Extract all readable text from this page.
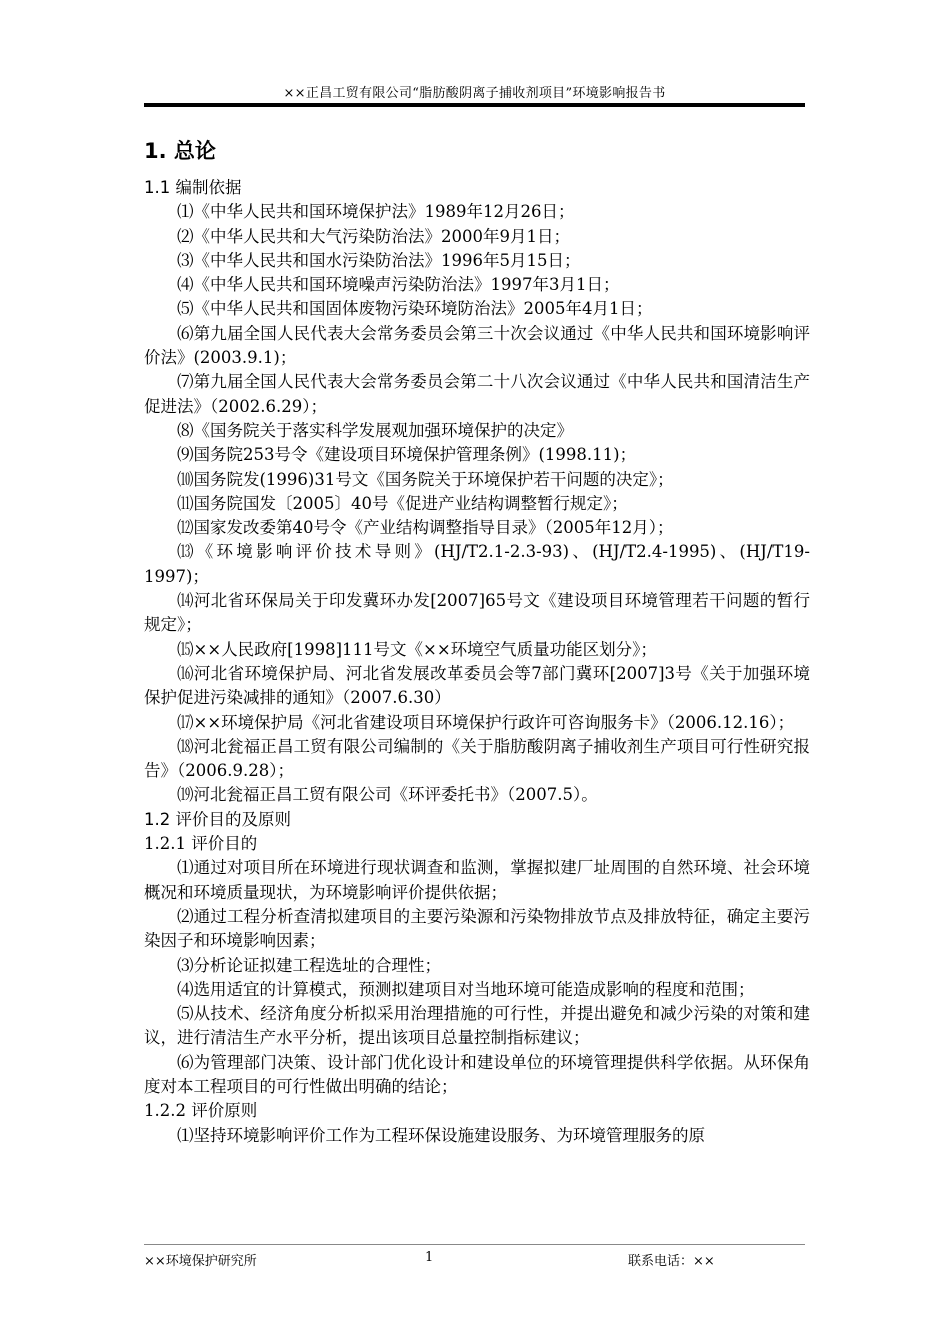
××正昌工贸有限公司“脂肪酸阴离子捕收剂项目”环境影响报告书
1. 总论
1.1 编制依据

⑴《中华人民共和国环境保护法》1989年12月26日；

⑵《中华人民共和大气污染防治法》2000年9月1日；

⑶《中华人民共和国水污染防治法》1996年5月15日；

⑷《中华人民共和国环境噪声污染防治法》1997年3月1日；

⑸《中华人民共和国固体废物污染环境防治法》2005年4月1日；

⑹第九届全国人民代表大会常务委员会第三十次会议通过《中华人民共和国环境影响评价法》(2003.9.1)；

⑺第九届全国人民代表大会常务委员会第二十八次会议通过《中华人民共和国清洁生产促进法》（2002.6.29）；

⑻《国务院关于落实科学发展观加强环境保护的决定》

⑼国务院253号令《建设项目环境保护管理条例》(1998.11)；

⑽国务院发(1996)31号文《国务院关于环境保护若干问题的决定》；

⑾国务院国发〔2005〕40号《促进产业结构调整暂行规定》；

⑿国家发改委第40号令《产业结构调整指导目录》（2005年12月）；

⒀《环境影响评价技术导则》(HJ/T2.1-2.3-93)、(HJ/T2.4-1995)、(HJ/T19-1997)；

⒁河北省环保局关于印发冀环办发[2007]65号文《建设项目环境管理若干问题的暂行规定》；

⒂××人民政府[1998]111号文《××环境空气质量功能区划分》；

⒃河北省环境保护局、河北省发展改革委员会等7部门冀环[2007]3号《关于加强环境保护促进污染减排的通知》（2007.6.30）

⒄××环境保护局《河北省建设项目环境保护行政许可咨询服务卡》（2006.12.16）；

⒅河北瓮福正昌工贸有限公司编制的《关于脂肪酸阴离子捕收剂生产项目可行性研究报告》（2006.9.28）；

⒆河北瓮福正昌工贸有限公司《环评委托书》（2007.5）。

1.2 评价目的及原则

1.2.1 评价目的

⑴通过对项目所在环境进行现状调查和监测，掌握拟建厂址周围的自然环境、社会环境概况和环境质量现状，为环境影响评价提供依据；

⑵通过工程分析查清拟建项目的主要污染源和污染物排放节点及排放特征，确定主要污染因子和环境影响因素；

⑶分析论证拟建工程选址的合理性；

⑷选用适宜的计算模式，预测拟建项目对当地环境可能造成影响的程度和范围；

⑸从技术、经济角度分析拟采用治理措施的可行性，并提出避免和减少污染的对策和建议，进行清洁生产水平分析，提出该项目总量控制指标建议；

⑹为管理部门决策、设计部门优化设计和建设单位的环境管理提供科学依据。从环保角度对本工程项目的可行性做出明确的结论；

1.2.2 评价原则

⑴坚持环境影响评价工作为工程环保设施建设服务、为环境管理服务的原

××环境保护研究所	1	联系电话：××
